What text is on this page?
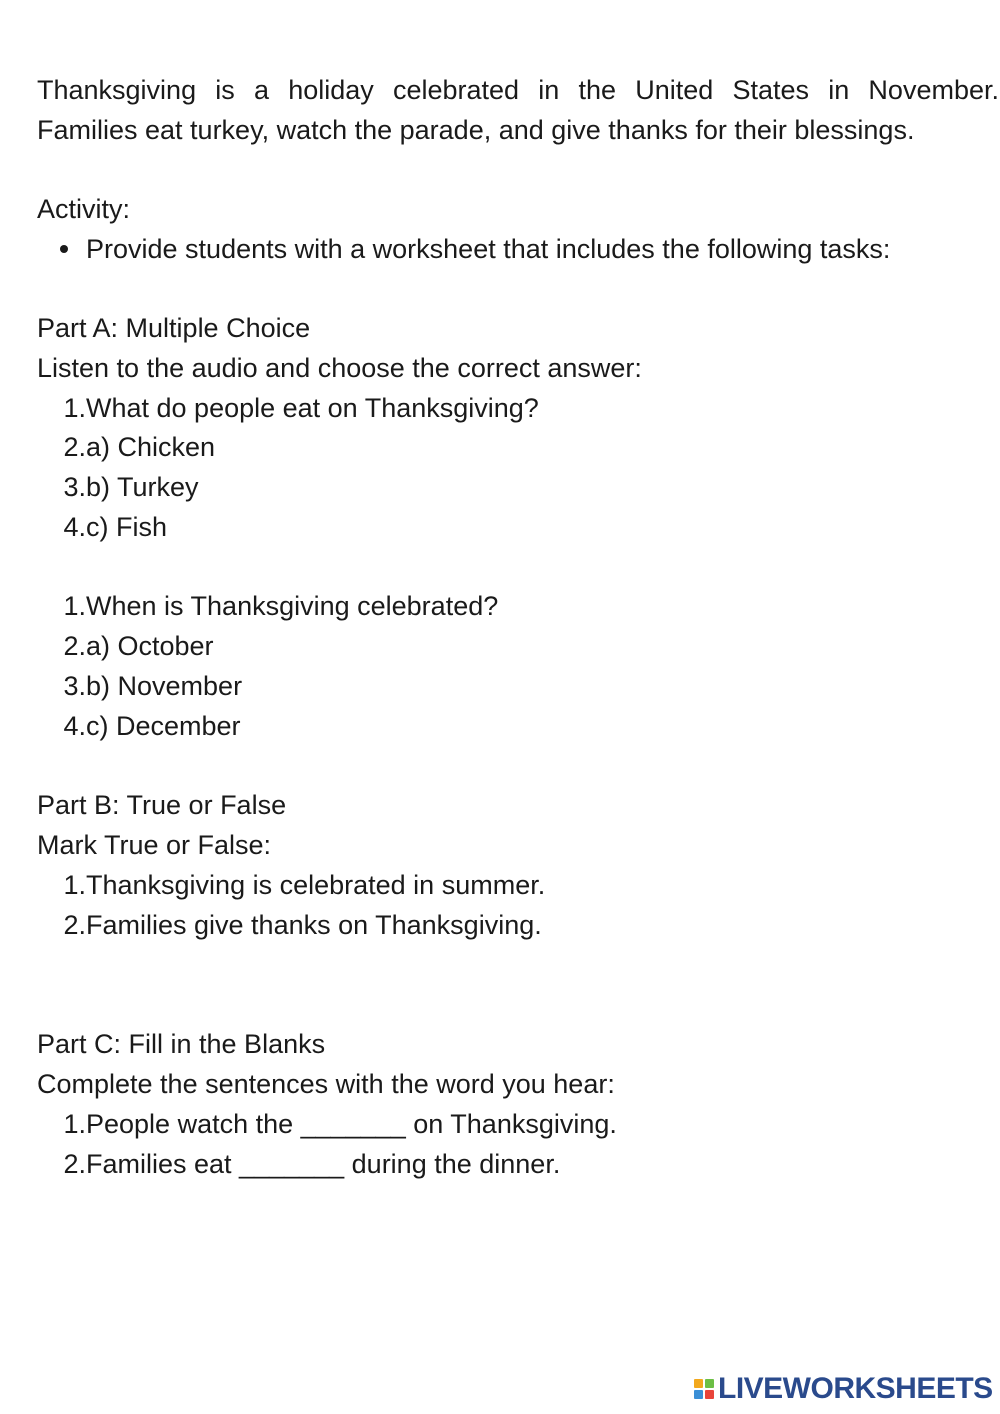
Thanksgiving is a holiday celebrated in the United States in November.
Families eat turkey, watch the parade, and give thanks for their blessings.
Activity:
Provide students with a worksheet that includes the following tasks:
Part A: Multiple Choice
Listen to the audio and choose the correct answer:
1.What do people eat on Thanksgiving?
2.a) Chicken
3.b) Turkey
4.c) Fish
1.When is Thanksgiving celebrated?
2.a) October
3.b) November
4.c) December
Part B: True or False
Mark True or False:
1.Thanksgiving is celebrated in summer.
2.Families give thanks on Thanksgiving.
Part C: Fill in the Blanks
Complete the sentences with the word you hear:
1.People watch the _______ on Thanksgiving.
2.Families eat _______ during the dinner.
LIVEWORKSHEETS
